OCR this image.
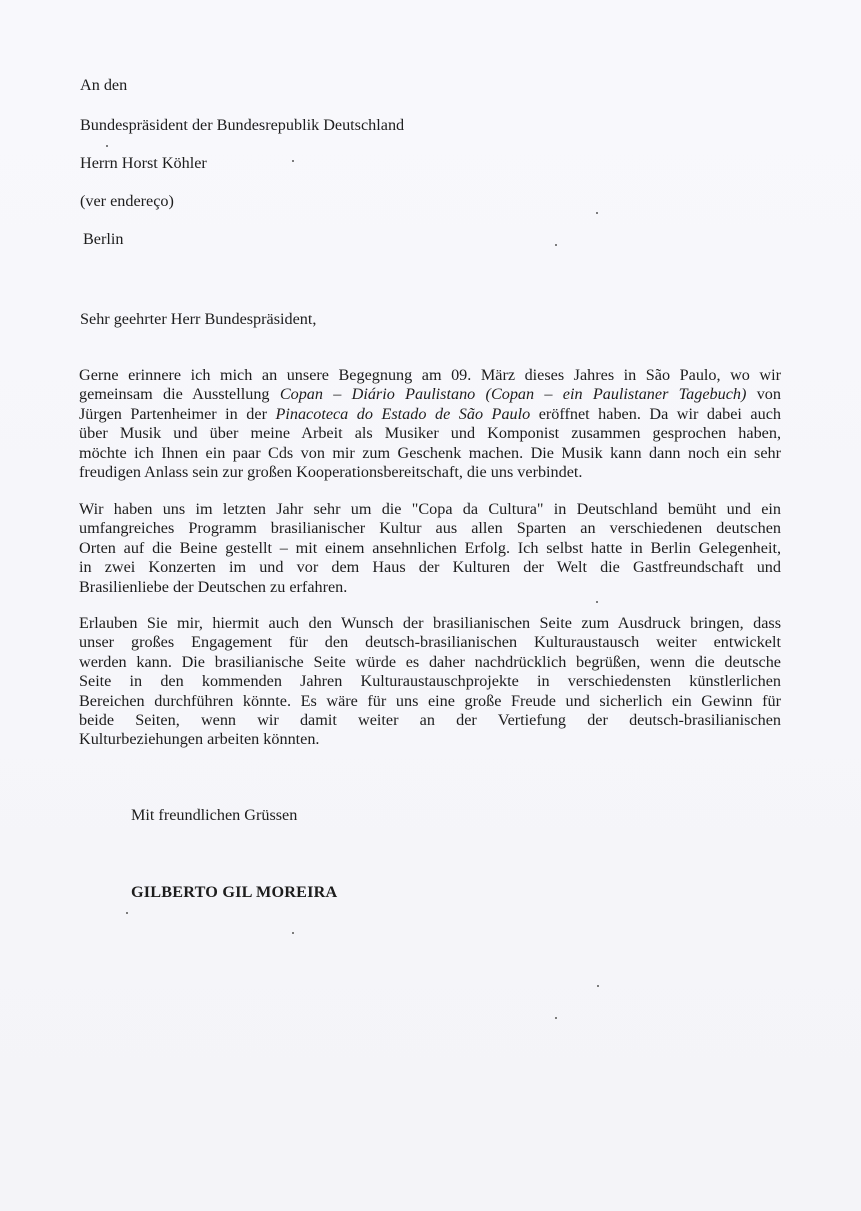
An den
Bundespräsident der Bundesrepublik Deutschland
Herrn Horst Köhler
(ver endereço)
Berlin
Sehr geehrter Herr Bundespräsident,
Gerne erinnere ich mich an unsere Begegnung am 09. März dieses Jahres in São Paulo, wo wir
gemeinsam die Ausstellung Copan – Diário Paulistano (Copan – ein Paulistaner Tagebuch) von
Jürgen Partenheimer in der Pinacoteca do Estado de São Paulo eröffnet haben. Da wir dabei auch
über Musik und über meine Arbeit als Musiker und Komponist zusammen gesprochen haben,
möchte ich Ihnen ein paar Cds von mir zum Geschenk machen. Die Musik kann dann noch ein sehr
freudigen Anlass sein zur großen Kooperationsbereitschaft, die uns verbindet.
Wir haben uns im letzten Jahr sehr um die "Copa da Cultura" in Deutschland bemüht und ein
umfangreiches Programm brasilianischer Kultur aus allen Sparten an verschiedenen deutschen
Orten auf die Beine gestellt – mit einem ansehnlichen Erfolg. Ich selbst hatte in Berlin Gelegenheit,
in zwei Konzerten im und vor dem Haus der Kulturen der Welt die Gastfreundschaft und
Brasilienliebe der Deutschen zu erfahren.
Erlauben Sie mir, hiermit auch den Wunsch der brasilianischen Seite zum Ausdruck bringen, dass
unser großes Engagement für den deutsch-brasilianischen Kulturaustausch weiter entwickelt
werden kann. Die brasilianische Seite würde es daher nachdrücklich begrüßen, wenn die deutsche
Seite in den kommenden Jahren Kulturaustauschprojekte in verschiedensten künstlerlichen
Bereichen durchführen könnte. Es wäre für uns eine große Freude und sicherlich ein Gewinn für
beide Seiten, wenn wir damit weiter an der Vertiefung der deutsch-brasilianischen
Kulturbeziehungen arbeiten könnten.
Mit freundlichen Grüssen
GILBERTO GIL MOREIRA
